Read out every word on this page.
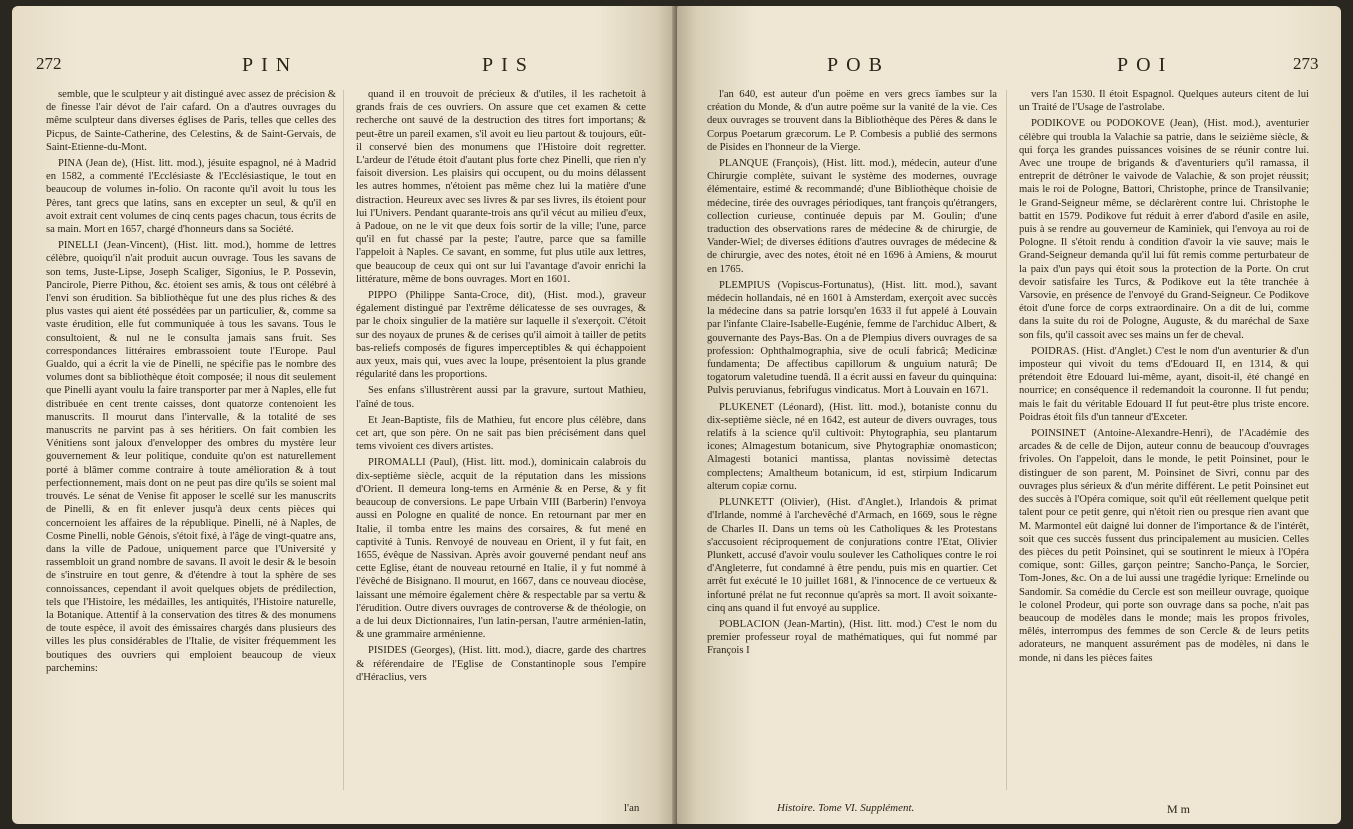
272	PIN	PIS

semble, que le sculpteur y ait distingué avec assez de précision & de finesse l'air dévot de l'air cafard. On a d'autres ouvrages du même sculpteur dans diverses églises de Paris, telles que celles des Picpus, de Sainte-Catherine, des Celestins, & de Saint-Gervais, de Saint-Etienne-du-Mont.

PINA (Jean de), (Hist. litt. mod.), jésuite espagnol, né à Madrid en 1582, a commenté l'Ecclésiaste & l'Ecclésiastique, le tout en beaucoup de volumes in-folio. On raconte qu'il avoit lu tous les Pères, tant grecs que latins, sans en excepter un seul, & qu'il en avoit extrait cent volumes de cinq cents pages chacun, tous écrits de sa main. Mort en 1657, chargé d'honneurs dans sa Société.

PINELLI (Jean-Vincent), (Hist. litt. mod.), homme de lettres célèbre, quoiqu'il n'ait produit aucun ouvrage. Tous les savans de son tems, Juste-Lipse, Joseph Scaliger, Sigonius, le P. Possevin, Pancirole, Pierre Pithou, &c. étoient ses amis, & tous ont célébré à l'envi son érudition. Sa bibliothèque fut une des plus riches & des plus vastes qui aient été possédées par un particulier, &, comme sa vaste érudition, elle fut communiquée à tous les savans. Tous le consultoient, & nul ne le consulta jamais sans fruit. Ses correspondances littéraires embrassoient toute l'Europe. Paul Gualdo, qui a écrit la vie de Pinelli, ne spécifie pas le nombre des volumes dont sa bibliothèque étoit composée; il nous dit seulement que Pinelli ayant voulu la faire transporter par mer à Naples, elle fut distribuée en cent trente caisses, dont quatorze contenoient les manuscrits. Il mourut dans l'intervalle, & la totalité de ses manuscrits ne parvint pas à ses héritiers. On fait combien les Vénitiens sont jaloux d'envelopper des ombres du mystère leur gouvernement & leur politique, conduite qu'on est naturellement porté à blâmer comme contraire à toute amélioration & à tout perfectionnement, mais dont on ne peut pas dire qu'ils se soient mal trouvés. Le sénat de Venise fit apposer le scellé sur les manuscrits de Pinelli, & en fit enlever jusqu'à deux cents pièces qui concernoient les affaires de la république. Pinelli, né à Naples, de Cosme Pinelli, noble Génois, s'étoit fixé, à l'âge de vingt-quatre ans, dans la ville de Padoue, uniquement parce que l'Université y rassembloit un grand nombre de savans. Il avoit le desir & le besoin de s'instruire en tout genre, & d'étendre à tout la sphère de ses connoissances, cependant il avoit quelques objets de prédilection, tels que l'Histoire, les médailles, les antiquités, l'Histoire naturelle, la Botanique. Attentif à la conservation des titres & des monumens de toute espèce, il avoit des émissaires chargés dans plusieurs des villes les plus considérables de l'Italie, de visiter fréquemment les boutiques des ouvriers qui emploient beaucoup de vieux parchemins:

quand il en trouvoit de précieux & d'utiles, il les rachetoit à grands frais de ces ouvriers. On assure que cet examen & cette recherche ont sauvé de la destruction des titres fort importans; & peut-être un pareil examen, s'il avoit eu lieu partout & toujours, eût-il conservé bien des monumens que l'Histoire doit regretter. L'ardeur de l'étude étoit d'autant plus forte chez Pinelli, que rien n'y faisoit diversion. Les plaisirs qui occupent, ou du moins délassent les autres hommes, n'étoient pas même chez lui la matière d'une distraction. Heureux avec ses livres & par ses livres, ils étoient pour lui l'Univers. Pendant quarante-trois ans qu'il vécut au milieu d'eux, à Padoue, on ne le vit que deux fois sortir de la ville; l'une, parce qu'il en fut chassé par la peste; l'autre, parce que sa famille l'appeloit à Naples. Ce savant, en somme, fut plus utile aux lettres, que beaucoup de ceux qui ont sur lui l'avantage d'avoir enrichi la littérature, même de bons ouvrages. Mort en 1601.

PIPPO (Philippe Santa-Croce, dit), (Hist. mod.), graveur également distingué par l'extrême délicatesse de ses ouvrages, & par le choix singulier de la matière sur laquelle il s'exerçoit. C'étoit sur des noyaux de prunes & de cerises qu'il aimoit à tailler de petits bas-reliefs composés de figures imperceptibles & qui échappoient aux yeux, mais qui, vues avec la loupe, présentoient la plus grande régularité dans les proportions.

Ses enfans s'illustrèrent aussi par la gravure, surtout Mathieu, l'aîné de tous.

Et Jean-Baptiste, fils de Mathieu, fut encore plus célèbre, dans cet art, que son père. On ne sait pas bien précisément dans quel tems vivoient ces divers artistes.

PIROMALLI (Paul), (Hist. litt. mod.), dominicain calabrois du dix-septième siècle, acquit de la réputation dans les missions d'Orient. Il demeura long-tems en Arménie & en Perse, & y fit beaucoup de conversions. Le pape Urbain VIII (Barberin) l'envoya aussi en Pologne en qualité de nonce. En retournant par mer en Italie, il tomba entre les mains des corsaires, & fut mené en captivité à Tunis. Renvoyé de nouveau en Orient, il y fut fait, en 1655, évêque de Nassivan. Après avoir gouverné pendant neuf ans cette Eglise, étant de nouveau retourné en Italie, il y fut nommé à l'évêché de Bisignano. Il mourut, en 1667, dans ce nouveau diocèse, laissant une mémoire également chère & respectable par sa vertu & l'érudition. Outre divers ouvrages de controverse & de théologie, on a de lui deux Dictionnaires, l'un latin-persan, l'autre arménien-latin, & une grammaire arménienne.

PISIDES (Georges), (Hist. litt. mod.), diacre, garde des chartres & référendaire de l'Eglise de Constantinople sous l'empire d'Héraclius, vers

l'an
POB	POI	273

l'an 640, est auteur d'un poëme en vers grecs ïambes sur la création du Monde, & d'un autre poëme sur la vanité de la vie. Ces deux ouvrages se trouvent dans la Bibliothèque des Pères & dans le Corpus Poetarum græcorum. Le P. Combesis a publié des sermons de Pisides en l'honneur de la Vierge.

PLANQUE (François), (Hist. litt. mod.), médecin, auteur d'une Chirurgie complète, suivant le système des modernes, ouvrage élémentaire, estimé & recommandé; d'une Bibliothèque choisie de médecine, tirée des ouvrages périodiques, tant françois qu'étrangers, collection curieuse, continuée depuis par M. Goulin; d'une traduction des observations rares de médecine & de chirurgie, de Vander-Wiel; de diverses éditions d'autres ouvrages de médecine & de chirurgie, avec des notes, étoit né en 1696 à Amiens, & mourut en 1765.

PLEMPIUS (Vopiscus-Fortunatus), (Hist. litt. mod.), savant médecin hollandais, né en 1601 à Amsterdam, exerçoit avec succès la médecine dans sa patrie lorsqu'en 1633 il fut appelé à Louvain par l'infante Claire-Isabelle-Eugénie, femme de l'archiduc Albert, & gouvernante des Pays-Bas. On a de Plempius divers ouvrages de sa profession: Ophthalmographia, sive de oculi fabricâ; Medicinæ fundamenta; De affectibus capillorum & unguium naturâ; De togatorum valetudine tuendâ. Il a écrit aussi en faveur du quinquina: Pulvis peruvianus, febrifugus vindicatus. Mort à Louvain en 1671.

PLUKENET (Léonard), (Hist. litt. mod.), botaniste connu du dix-septième siècle, né en 1642, est auteur de divers ouvrages, tous relatifs à la science qu'il cultivoit: Phytographia, seu plantarum icones; Almagestum botanicum, sive Phytographiæ onomasticon; Almagesti botanici mantissa, plantas novissimè detectas complectens; Amaltheum botanicum, id est, stirpium Indicarum alterum copiæ cornu.

PLUNKETT (Olivier), (Hist. d'Anglet.), Irlandois & primat d'Irlande, nommé à l'archevêché d'Armach, en 1669, sous le règne de Charles II. Dans un tems où les Catholiques & les Protestans s'accusoient réciproquement de conjurations contre l'Etat, Olivier Plunkett, accusé d'avoir voulu soulever les Catholiques contre le roi d'Angleterre, fut condamné à être pendu, puis mis en quartier. Cet arrêt fut exécuté le 10 juillet 1681, & l'innocence de ce vertueux & infortuné prélat ne fut reconnue qu'après sa mort. Il avoit soixante-cinq ans quand il fut envoyé au supplice.

POBLACION (Jean-Martin), (Hist. litt. mod.) C'est le nom du premier professeur royal de mathématiques, qui fut nommé par François I

vers l'an 1530. Il étoit Espagnol. Quelques auteurs citent de lui un Traité de l'Usage de l'astrolabe.

PODIKOVE ou PODOKOVE (Jean), (Hist. mod.), aventurier célèbre qui troubla la Valachie sa patrie, dans le seizième siècle, & qui força les grandes puissances voisines de se réunir contre lui. Avec une troupe de brigands & d'aventuriers qu'il ramassa, il entreprit de détrôner le vaivode de Valachie, & son projet réussit; mais le roi de Pologne, Battori, Christophe, prince de Transilvanie; le Grand-Seigneur même, se déclarèrent contre lui. Christophe le battit en 1579. Podikove fut réduit à errer d'abord d'asile en asile, puis à se rendre au gouverneur de Kaminiek, qui l'envoya au roi de Pologne. Il s'étoit rendu à condition d'avoir la vie sauve; mais le Grand-Seigneur demanda qu'il lui fût remis comme perturbateur de la paix d'un pays qui étoit sous la protection de la Porte. On crut devoir satisfaire les Turcs, & Podikove eut la tête tranchée à Varsovie, en présence de l'envoyé du Grand-Seigneur. Ce Podikove étoit d'une force de corps extraordinaire. On a dit de lui, comme dans la suite du roi de Pologne, Auguste, & du maréchal de Saxe son fils, qu'il cassoit avec ses mains un fer de cheval.

POIDRAS. (Hist. d'Anglet.) C'est le nom d'un aventurier & d'un imposteur qui vivoit du tems d'Edouard II, en 1314, & qui prétendoit être Edouard lui-même, ayant, disoit-il, été changé en nourrice; en conséquence il redemandoit la couronne. Il fut pendu; mais le fait du véritable Edouard II fut peut-être plus triste encore. Poidras étoit fils d'un tanneur d'Exceter.

POINSINET (Antoine-Alexandre-Henri), de l'Académie des arcades & de celle de Dijon, auteur connu de beaucoup d'ouvrages frivoles. On l'appeloit, dans le monde, le petit Poinsinet, pour le distinguer de son parent, M. Poinsinet de Sivri, connu par des ouvrages plus sérieux & d'un mérite différent. Le petit Poinsinet eut des succès à l'Opéra comique, soit qu'il eût réellement quelque petit talent pour ce petit genre, qui n'étoit rien ou presque rien avant que M. Marmontel eût daigné lui donner de l'importance & de l'intérêt, soit que ces succès fussent dus principalement au musicien. Celles des pièces du petit Poinsinet, qui se soutinrent le mieux à l'Opéra comique, sont: Gilles, garçon peintre; Sancho-Pança, le Sorcier, Tom-Jones, &c. On a de lui aussi une tragédie lyrique: Ernelinde ou Sandomir. Sa comédie du Cercle est son meilleur ouvrage, quoique le colonel Prodeur, qui porte son ouvrage dans sa poche, n'ait pas beaucoup de modèles dans le monde; mais les propos frivoles, mêlés, interrompus des femmes de son Cercle & de leurs petits adorateurs, ne manquent assurément pas de modèles, ni dans le monde, ni dans les pièces faites

Histoire. Tome VI. Supplément.	M m
